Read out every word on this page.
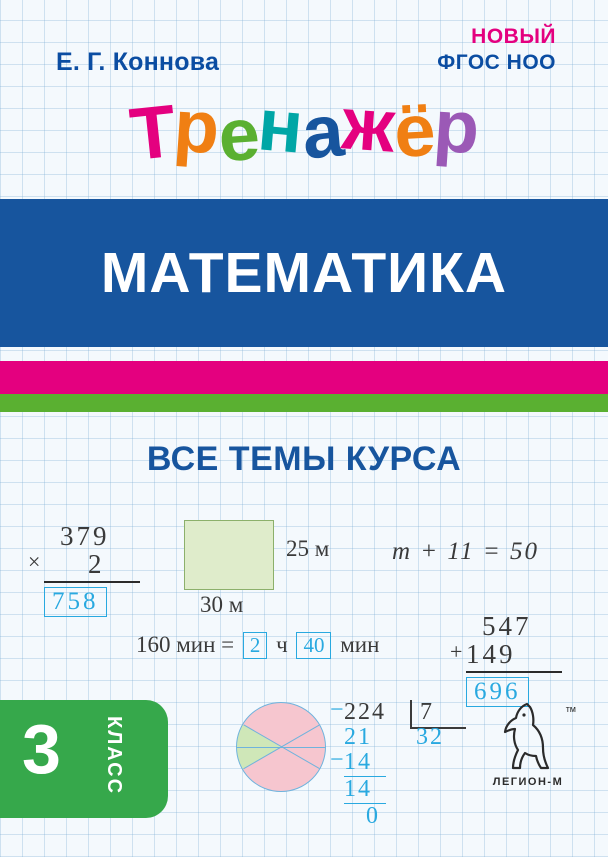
Е. Г. Коннова
НОВЫЙ
ФГОС НОО
Тренажёр
МАТЕМАТИКА
ВСЕ ТЕМЫ КУРСА
379
× 2
758
25 м
30 м
m + 11 = 50
160 мин = 2 ч 40 мин
547
+ 149
696
3 КЛАСС
−
224 7
21 32
−
14
14
0
тм
ЛЕГИОН-М
